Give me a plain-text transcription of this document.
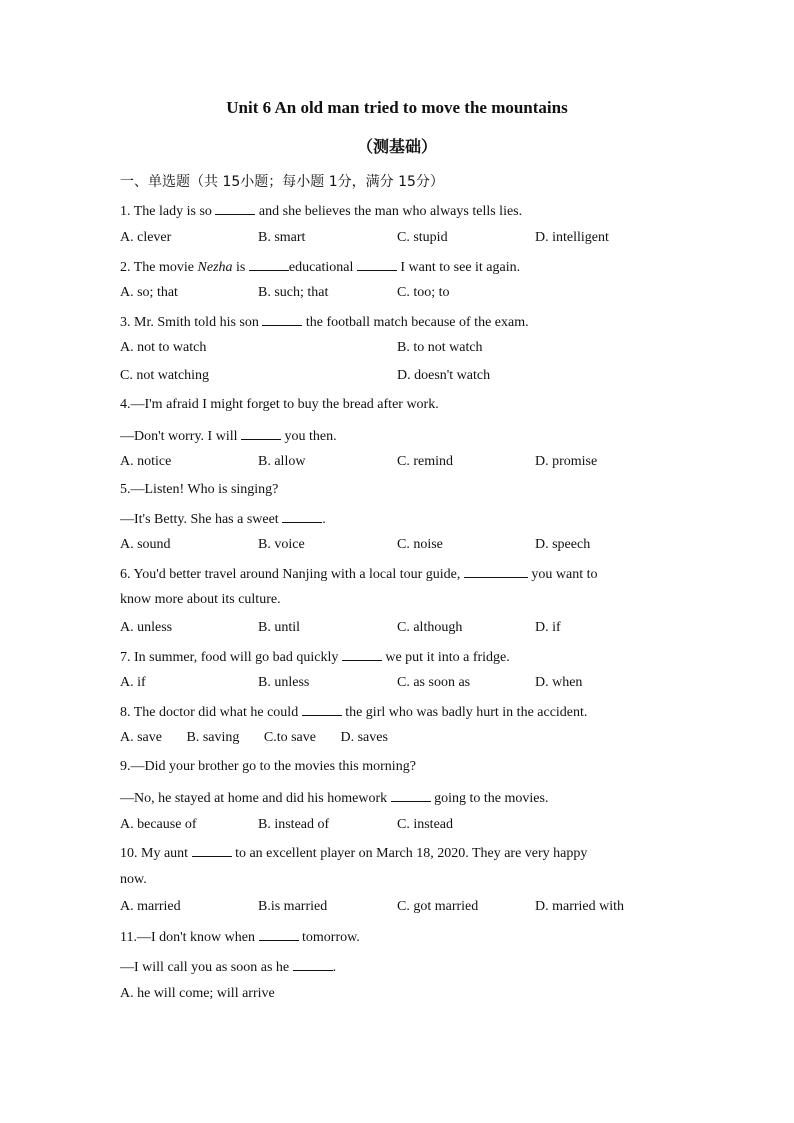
Unit 6 An old man tried to move the mountains
（测基础）
一、单选题（共 15小题；每小题 1分，满分 15分）
1. The lady is so	and she believes the man who always tells lies.
A. clever	B. smart	C. stupid	D. intelligent
2. The movie Nezha is	educational	I want to see it again.
A. so; that	B. such; that	C. too; to
3. Mr. Smith told his son	the football match because of the exam.
A. not to watch	B. to not watch
C. not watching	D. doesn't watch
4.—I'm afraid I might forget to buy the bread after work.
—Don't worry. I will	you then.
A. notice	B. allow	C. remind	D. promise
5.—Listen! Who is singing?
—It's Betty. She has a sweet	.
A. sound	B. voice	C. noise	D. speech
6. You'd better travel around Nanjing with a local tour guide,	you want to
know more about its culture.
A. unless	B. until	C. although	D. if
7. In summer, food will go bad quickly	we put it into a fridge.
A. if	B. unless	C. as soon as	D. when
8. The doctor did what he could	the girl who was badly hurt in the accident.
A. save       B. saving       C.to save       D. saves
9.—Did your brother go to the movies this morning?
—No, he stayed at home and did his homework	going to the movies.
A. because of	B. instead of	C. instead
10. My aunt	to an excellent player on March 18, 2020. They are very happy
now.
A. married	B.is married	C. got married	D. married with
11.—I don't know when	tomorrow.
—I will call you as soon as he	.
A. he will come; will arrive
